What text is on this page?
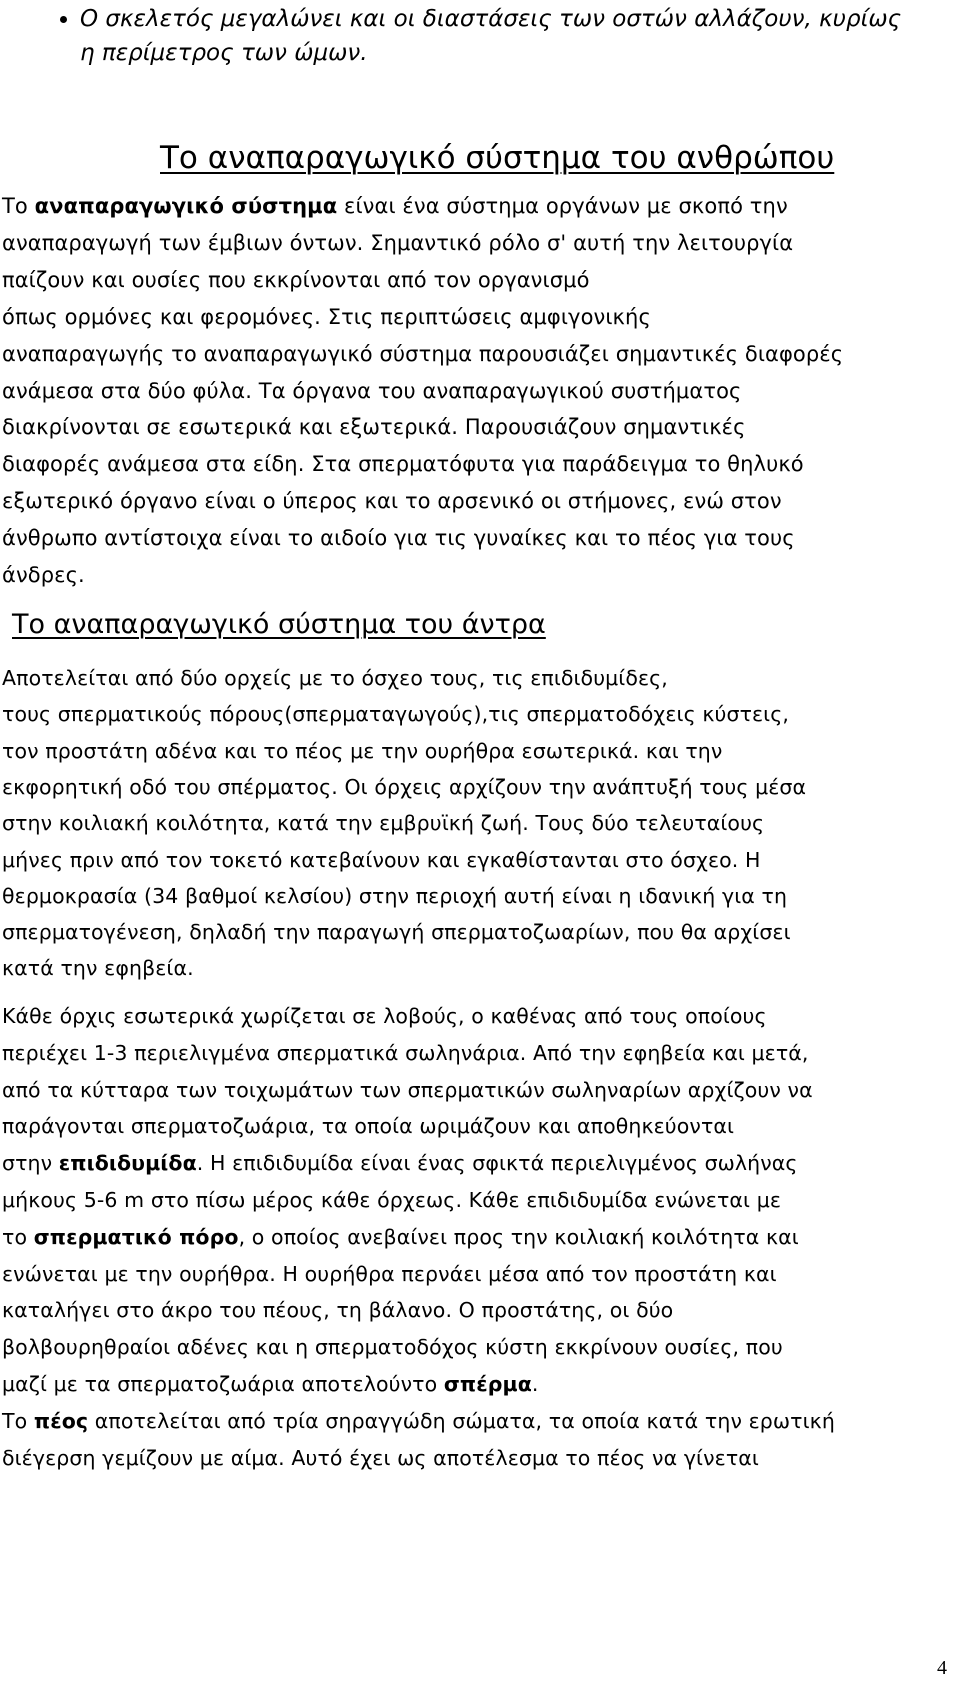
Ο σκελετός μεγαλώνει και οι διαστάσεις των οστών αλλάζουν, κυρίως η περίμετρος των ώμων.
Το αναπαραγωγικό σύστημα του ανθρώπου
Το αναπαραγωγικό σύστημα είναι ένα σύστημα οργάνων με σκοπό την
αναπαραγωγή των έμβιων όντων. Σημαντικό ρόλο σ' αυτή την λειτουργία
παίζουν και ουσίες που εκκρίνονται από τον οργανισμό
όπως ορμόνες και φερομόνες. Στις περιπτώσεις αμφιγονικής
αναπαραγωγής το αναπαραγωγικό σύστημα παρουσιάζει σημαντικές διαφορές
ανάμεσα στα δύο φύλα. Τα όργανα του αναπαραγωγικού συστήματος
διακρίνονται σε εσωτερικά και εξωτερικά. Παρουσιάζουν σημαντικές
διαφορές ανάμεσα στα είδη. Στα σπερματόφυτα για παράδειγμα το θηλυκό
εξωτερικό όργανο είναι ο ύπερος και το αρσενικό οι στήμονες, ενώ στον
άνθρωπο αντίστοιχα είναι το αιδοίο για τις γυναίκες και το πέος για τους
άνδρες.
Το αναπαραγωγικό σύστημα του άντρα
Αποτελείται από δύο ορχείς με το όσχεο τους, τις επιδιδυμίδες,
τους σπερματικούς πόρους(σπερματαγωγούς),τις σπερματοδόχεις κύστεις,
τον προστάτη αδένα και το πέος με την ουρήθρα εσωτερικά. και την
εκφορητική οδό του σπέρματος. Οι όρχεις αρχίζουν την ανάπτυξή τους μέσα
στην κοιλιακή κοιλότητα, κατά την εμβρυϊκή ζωή. Τους δύο τελευταίους
μήνες πριν από τον τοκετό κατεβαίνουν και εγκαθίστανται στο όσχεο. Η
θερμοκρασία (34 βαθμοί κελσίου) στην περιοχή αυτή είναι η ιδανική για τη
σπερματογένεση, δηλαδή την παραγωγή σπερματοζωαρίων, που θα αρχίσει
κατά την εφηβεία.
Κάθε όρχις εσωτερικά χωρίζεται σε λοβούς, ο καθένας από τους οποίους
περιέχει 1-3 περιελιγμένα σπερματικά σωληνάρια. Από την εφηβεία και μετά,
από τα κύτταρα των τοιχωμάτων των σπερματικών σωληναρίων αρχίζουν να
παράγονται σπερματοζωάρια, τα οποία ωριμάζουν και αποθηκεύονται
στην επιδιδυμίδα. Η επιδιδυμίδα είναι ένας σφικτά περιελιγμένος σωλήνας
μήκους 5-6 m στο πίσω μέρος κάθε όρχεως. Κάθε επιδιδυμίδα ενώνεται με
το σπερματικό πόρο, ο οποίος ανεβαίνει προς την κοιλιακή κοιλότητα και
ενώνεται με την ουρήθρα. Η ουρήθρα περνάει μέσα από τον προστάτη και
καταλήγει στο άκρο του πέους, τη βάλανο. Ο προστάτης, οι δύο
βολβουρηθραίοι αδένες και η σπερματοδόχος κύστη εκκρίνουν ουσίες, που
μαζί με τα σπερματοζωάρια αποτελούντο σπέρμα.
Το πέος αποτελείται από τρία σηραγγώδη σώματα, τα οποία κατά την ερωτική
διέγερση γεμίζουν με αίμα. Αυτό έχει ως αποτέλεσμα το πέος να γίνεται
4
